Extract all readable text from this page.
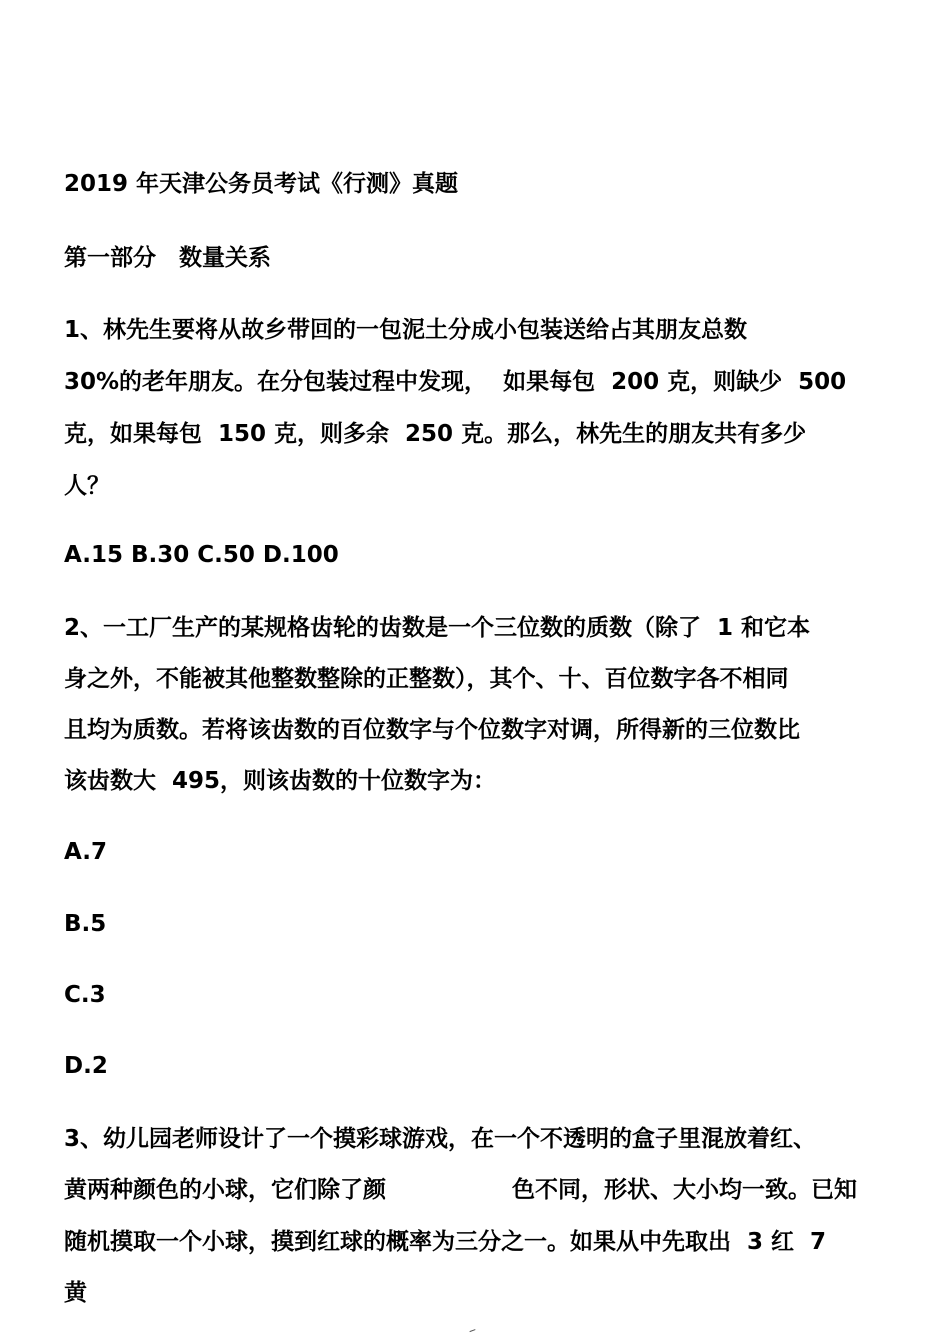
2019 年天津公务员考试《行测》真题

第一部分　数量关系

1、林先生要将从故乡带回的一包泥土分成小包装送给占其朋友总数

30%的老年朋友。在分包装过程中发现，  如果每包  200 克，则缺少  500

克，如果每包  150 克，则多余  250 克。那么，林先生的朋友共有多少

人？

A.15 B.30 C.50 D.100

2、一工厂生产的某规格齿轮的齿数是一个三位数的质数（除了  1 和它本

身之外，不能被其他整数整除的正整数），其个、十、百位数字各不相同

且均为质数。若将该齿数的百位数字与个位数字对调，所得新的三位数比

该齿数大  495，则该齿数的十位数字为：

A.7

B.5

C.3

D.2

3、幼儿园老师设计了一个摸彩球游戏，在一个不透明的盒子里混放着红、

黄两种颜色的小球，它们除了颜	色不同，形状、大小均一致。已知

随机摸取一个小球，摸到红球的概率为三分之一。如果从中先取出  3 红  7

黄
